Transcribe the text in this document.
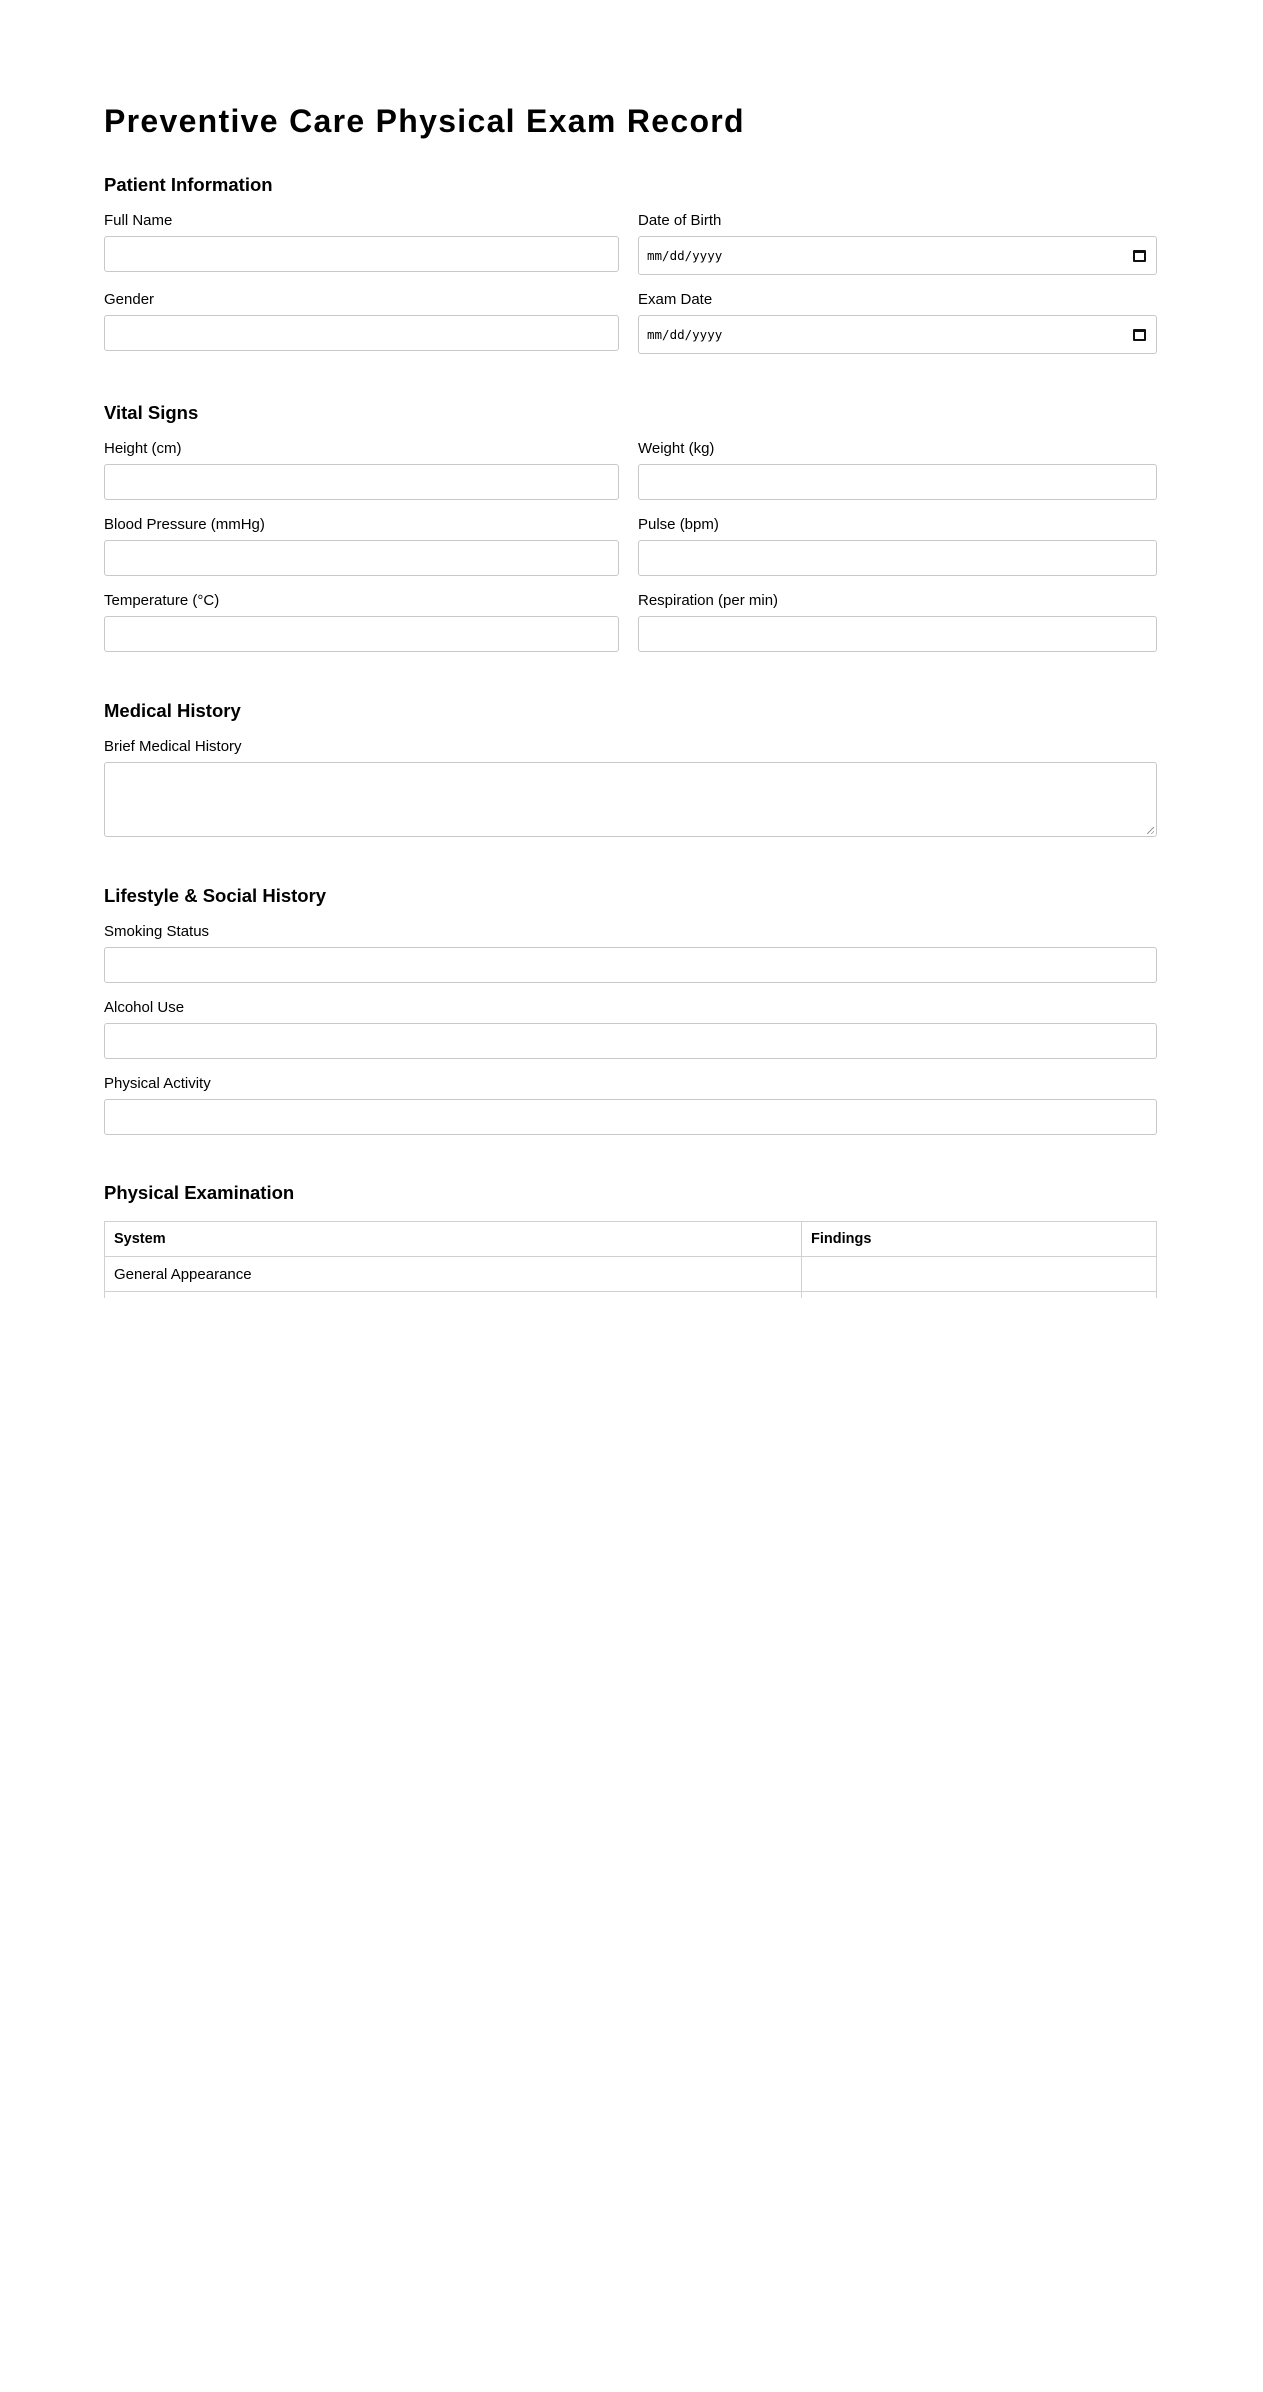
Preventive Care Physical Exam Record
Patient Information
Full Name	Date of Birth
mm/dd/yyyy
Gender	Exam Date
mm/dd/yyyy
Vital Signs
Height (cm)	Weight (kg)
Blood Pressure (mmHg)	Pulse (bpm)
Temperature (°C)	Respiration (per min)
Medical History
Brief Medical History
Lifestyle & Social History
Smoking Status
Alcohol Use
Physical Activity
Physical Examination
System	Findings
General Appearance	
